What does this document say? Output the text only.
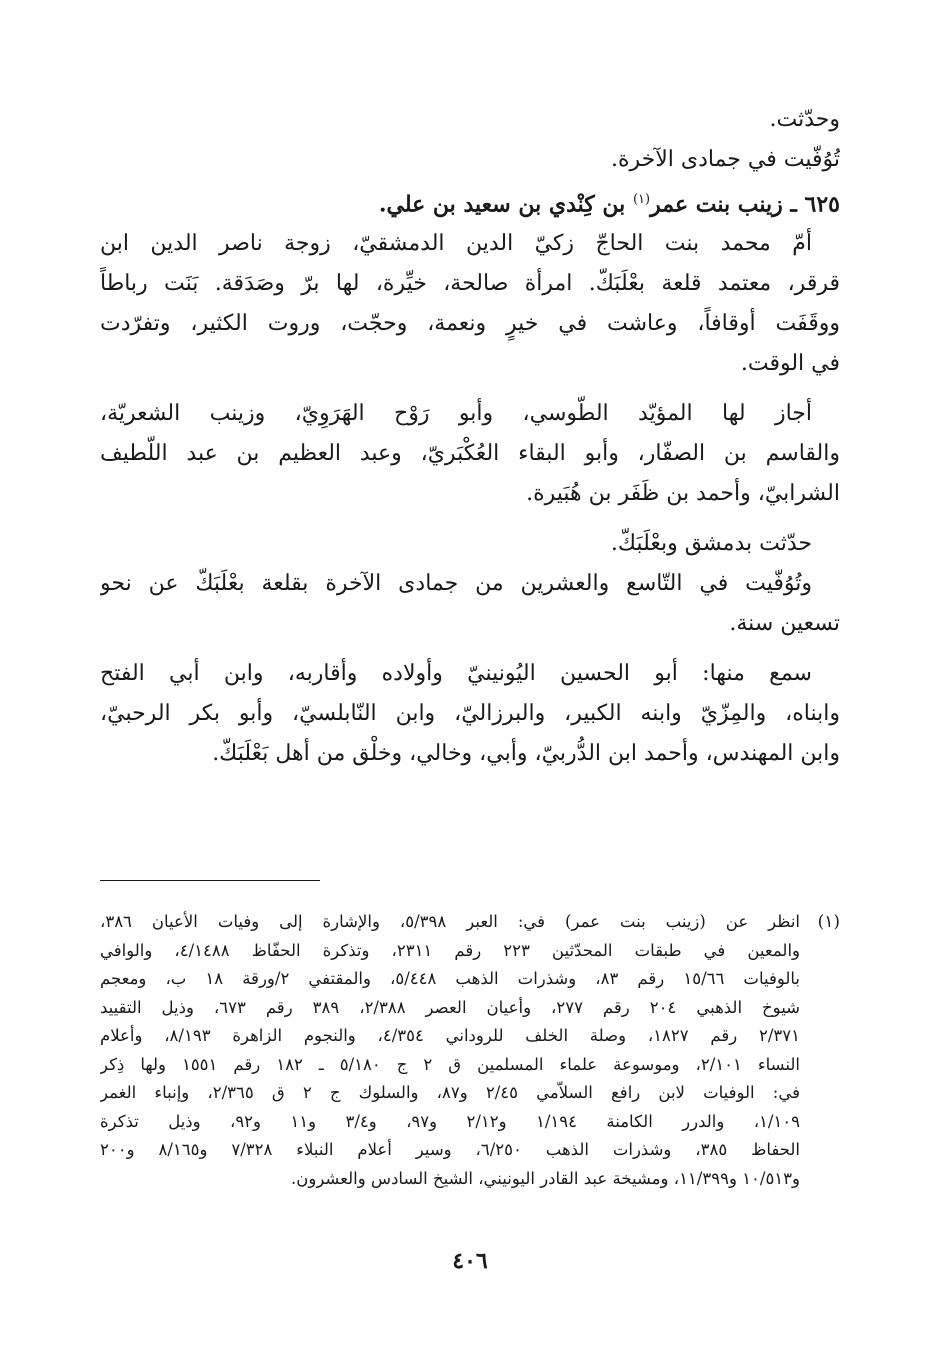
وحدّثت.
تُوُفّيت في جمادى الآخرة.
٦٢٥ ـ زينب بنت عمر$^{(١)}$ بن كِنْدي بن سعيد بن علي.
أمّ محمد بنت الحاجّ زكيّ الدين الدمشقيّ، زوجة ناصر الدين ابن
قرقر، معتمد قلعة بعْلَبَكّ. امرأة صالحة، خيِّرة، لها برّ وصَدَقة. بَنَت رباطاً
ووقَفَت أوقافاً، وعاشت في خيرٍ ونعمة، وحجّت، وروت الكثير، وتفرّدت
في الوقت.
أجاز لها المؤيّد الطّوسي، وأبو رَوْح الهَرَوِيّ، وزينب الشعريّة،
والقاسم بن الصفّار، وأبو البقاء العُكْبَريّ، وعبد العظيم بن عبد اللّطيف
الشرابيّ، وأحمد بن ظَفَر بن هُبَيرة.
حدّثت بدمشق وبعْلَبَكّ.
وتُوُفّيت في التّاسع والعشرين من جمادى الآخرة بقلعة بعْلَبَكّ عن نحو
تسعين سنة.
سمع منها: أبو الحسين اليُونينيّ وأولاده وأقاربه، وابن أبي الفتح
وابناه، والمِزّيّ وابنه الكبير، والبرزاليّ، وابن النّابلسيّ، وأبو بكر الرحبيّ،
وابن المهندس، وأحمد ابن الدُّربيّ، وأبي، وخالي، وخلْق من أهل بَعْلَبَكّ.
(١)
انظر عن (زينب بنت عمر) في: العبر ٥/٣٩٨، والإشارة إلى وفيات الأعيان ٣٨٦،
والمعين في طبقات المحدّثين ٢٢٣ رقم ٢٣١١، وتذكرة الحفّاظ ٤/١٤٨٨، والوافي
بالوفيات ١٥/٦٦ رقم ٨٣، وشذرات الذهب ٥/٤٤٨، والمقتفي ٢/ورقة ١٨ ب، ومعجم
شيوخ الذهبي ٢٠٤ رقم ٢٧٧، وأعيان العصر ٢/٣٨٨، ٣٨٩ رقم ٦٧٣، وذيل التقييد
٢/٣٧١ رقم ١٨٢٧، وصلة الخلف للروداني ٤/٣٥٤، والنجوم الزاهرة ٨/١٩٣، وأعلام
النساء ٢/١٠١، وموسوعة علماء المسلمين ق ٢ ج ٥/١٨٠ ـ ١٨٢ رقم ١٥٥١ ولها ذِكر
في: الوفيات لابن رافع السلاّمي ٢/٤٥ و٨٧، والسلوك ج ٢ ق ٢/٣٦٥، وإنباء الغمر
١/١٠٩، والدرر الكامنة ١/١٩٤ و٢/١٢ و٩٧، و٣/٤ و١١ و٩٢، وذيل تذكرة
الحفاظ ٣٨٥، وشذرات الذهب ٦/٢٥٠، وسير أعلام النبلاء ٧/٣٢٨ و٨/١٦٥ و٢٠٠
و١٠/٥١٣ و١١/٣٩٩، ومشيخة عبد القادر اليونيني، الشيخ السادس والعشرون.
٤٠٦
